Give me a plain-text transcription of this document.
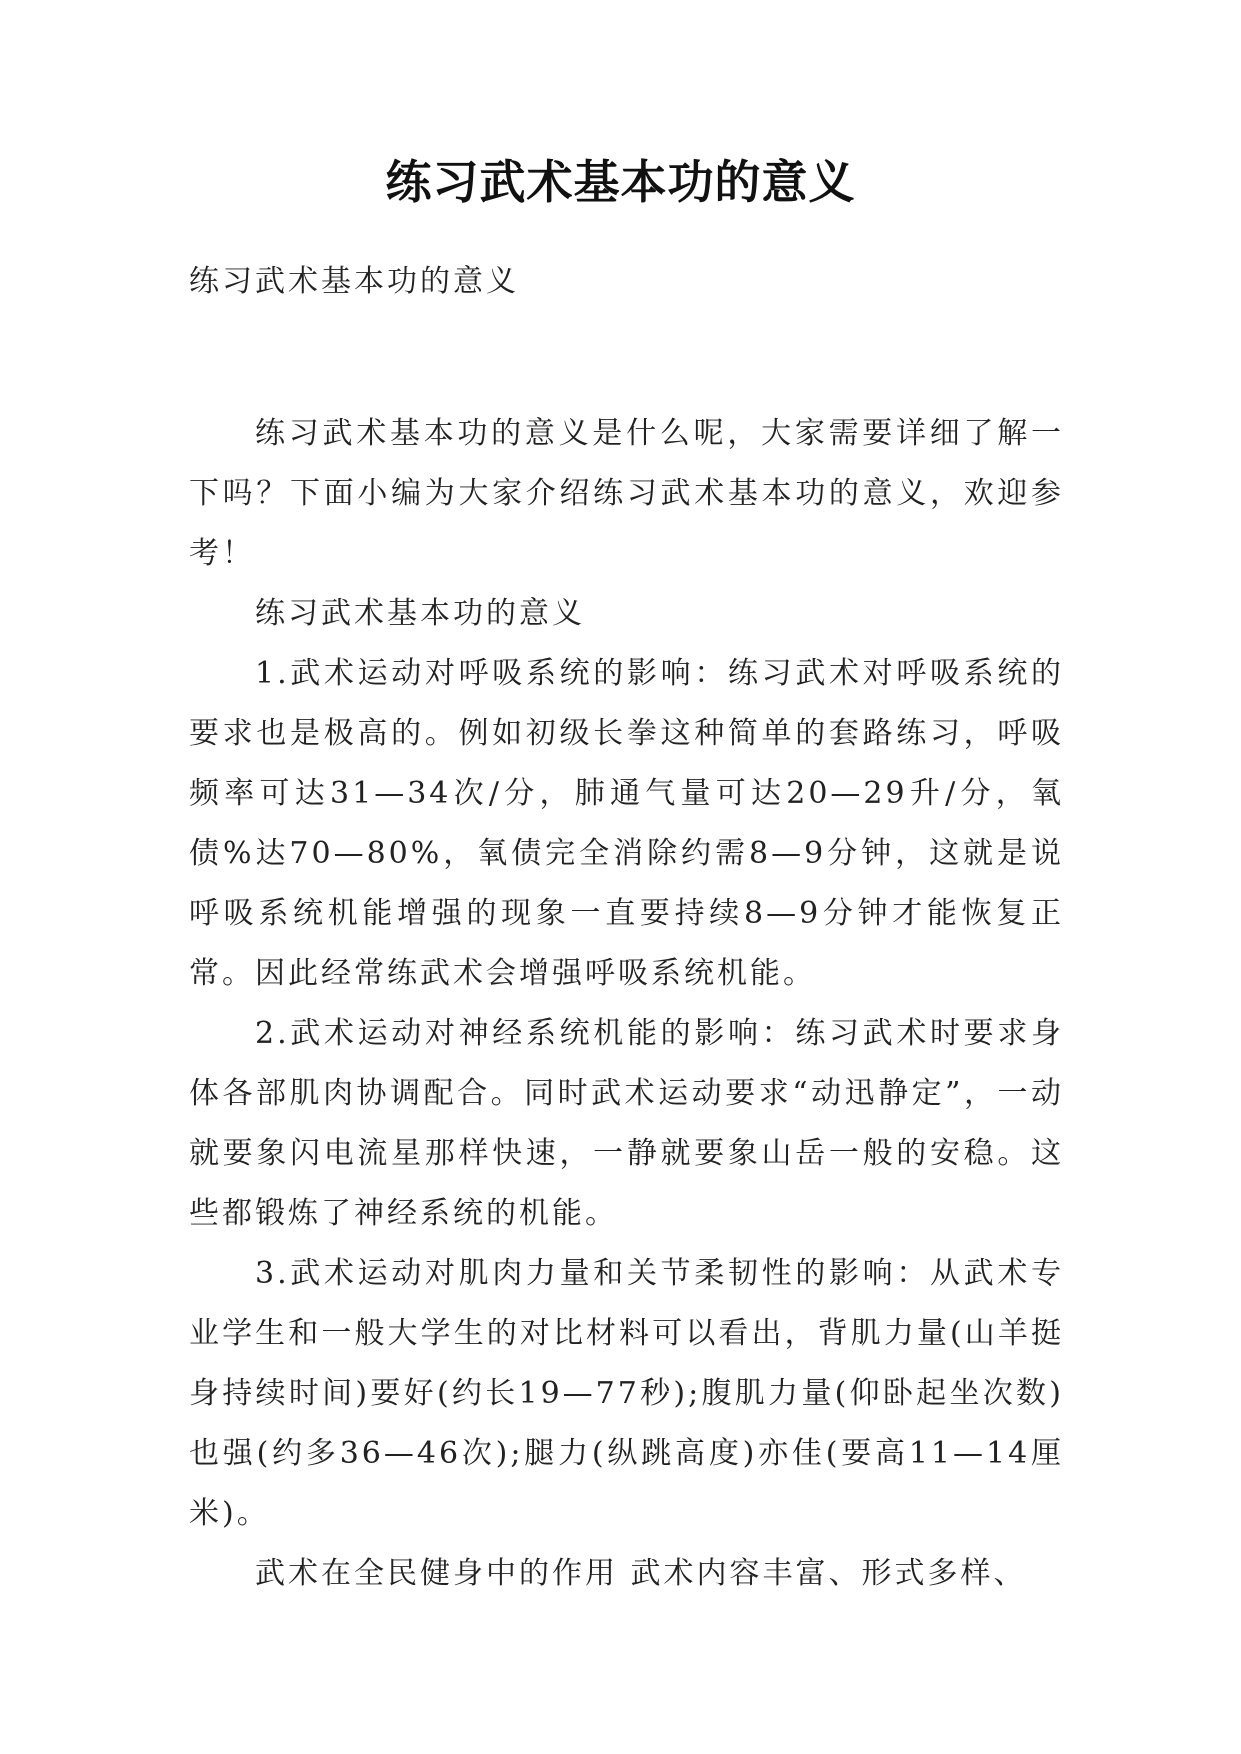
练习武术基本功的意义
练习武术基本功的意义

练习武术基本功的意义是什么呢，大家需要详细了解一下吗？下面小编为大家介绍练习武术基本功的意义，欢迎参考！

练习武术基本功的意义

1.武术运动对呼吸系统的影响：练习武术对呼吸系统的要求也是极高的。例如初级长拳这种简单的套路练习，呼吸频率可达31—34次/分，肺通气量可达20—29升/分，氧债%达70—80%，氧债完全消除约需8—9分钟，这就是说呼吸系统机能增强的现象一直要持续8—9分钟才能恢复正常。因此经常练武术会增强呼吸系统机能。

2.武术运动对神经系统机能的影响：练习武术时要求身体各部肌肉协调配合。同时武术运动要求“动迅静定”，一动就要象闪电流星那样快速，一静就要象山岳一般的安稳。这些都锻炼了神经系统的机能。

3.武术运动对肌肉力量和关节柔韧性的影响：从武术专业学生和一般大学生的对比材料可以看出，背肌力量(山羊挺身持续时间)要好(约长19—77秒);腹肌力量(仰卧起坐次数)也强(约多36—46次);腿力(纵跳高度)亦佳(要高11—14厘米)。

武术在全民健身中的作用 武术内容丰富、形式多样、
